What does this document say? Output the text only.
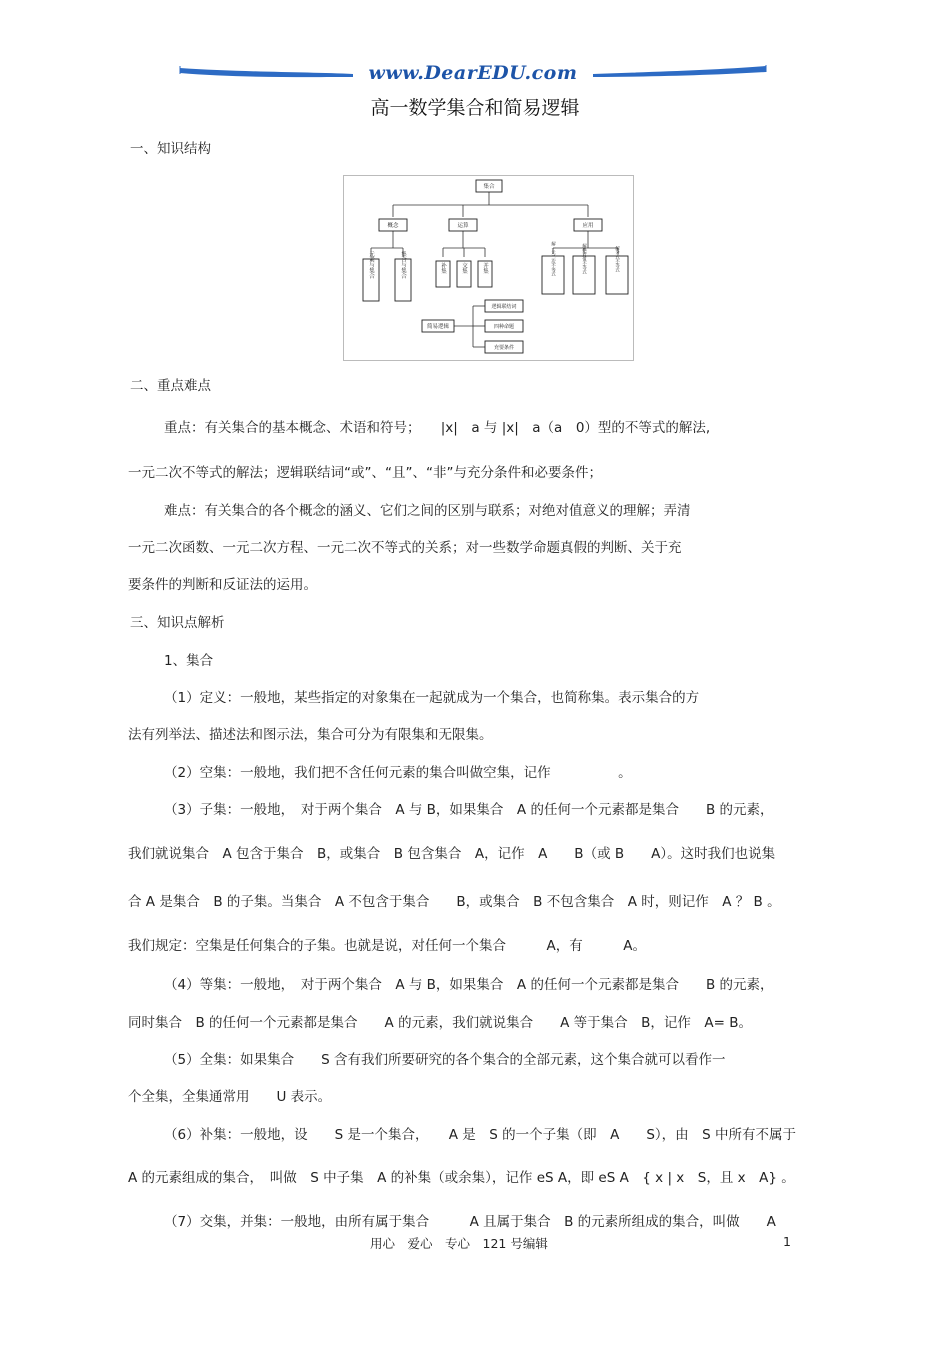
www.DearEDU.com
高一数学集合和简易逻辑
一、知识结构
集合
概念	运算	应用
简易逻辑
逻辑联结词
四种命题
充要条件
元素与集合	集合与集合	补集	交集	并集	解一元二次不等式	解绝对值不等式	解分式不等式
二、重点难点
重点：有关集合的基本概念、术语和符号；　　|x|　a 与 |x|　a（a　0）型的不等式的解法,
一元二次不等式的解法；逻辑联结词“或”、“且”、“非”与充分条件和必要条件；
难点：有关集合的各个概念的涵义、它们之间的区别与联系；对绝对值意义的理解；弄清
一元二次函数、一元二次方程、一元二次不等式的关系；对一些数学命题真假的判断、关于充
要条件的判断和反证法的运用。
三、知识点解析
1、集合
（1）定义：一般地，某些指定的对象集在一起就成为一个集合，也简称集。表示集合的方
法有列举法、描述法和图示法，集合可分为有限集和无限集。
（2）空集：一般地，我们把不含任何元素的集合叫做空集，记作　　　　　。
（3）子集：一般地，　对于两个集合　A 与 B，如果集合　A 的任何一个元素都是集合　　B 的元素，
我们就说集合　A 包含于集合　B，或集合　B 包含集合　A，记作　A　　B（或 B　　A）。这时我们也说集
合 A 是集合　B 的子集。当集合　A 不包含于集合　　B，或集合　B 不包含集合　A 时，则记作　A ？ B 。
我们规定：空集是任何集合的子集。也就是说，对任何一个集合　　　A，有　　　A。
（4）等集：一般地，　对于两个集合　A 与 B，如果集合　A 的任何一个元素都是集合　　B 的元素，
同时集合　B 的任何一个元素都是集合　　A 的元素，我们就说集合　　A 等于集合　B，记作　A= B。
（5）全集：如果集合　　S 含有我们所要研究的各个集合的全部元素，这个集合就可以看作一
个全集，全集通常用　　U 表示。
（6）补集：一般地，设　　S 是一个集合，　　A 是　S 的一个子集（即　A　　S），由　S 中所有不属于
A 的元素组成的集合，　叫做　S 中子集　A 的补集（或余集），记作 eS A，即 eS A　{ x | x　S，且 x　A} 。
（7）交集，并集：一般地，由所有属于集合　　　A 且属于集合　B 的元素所组成的集合，叫做　　A
用心　爱心　专心　121 号编辑	1
